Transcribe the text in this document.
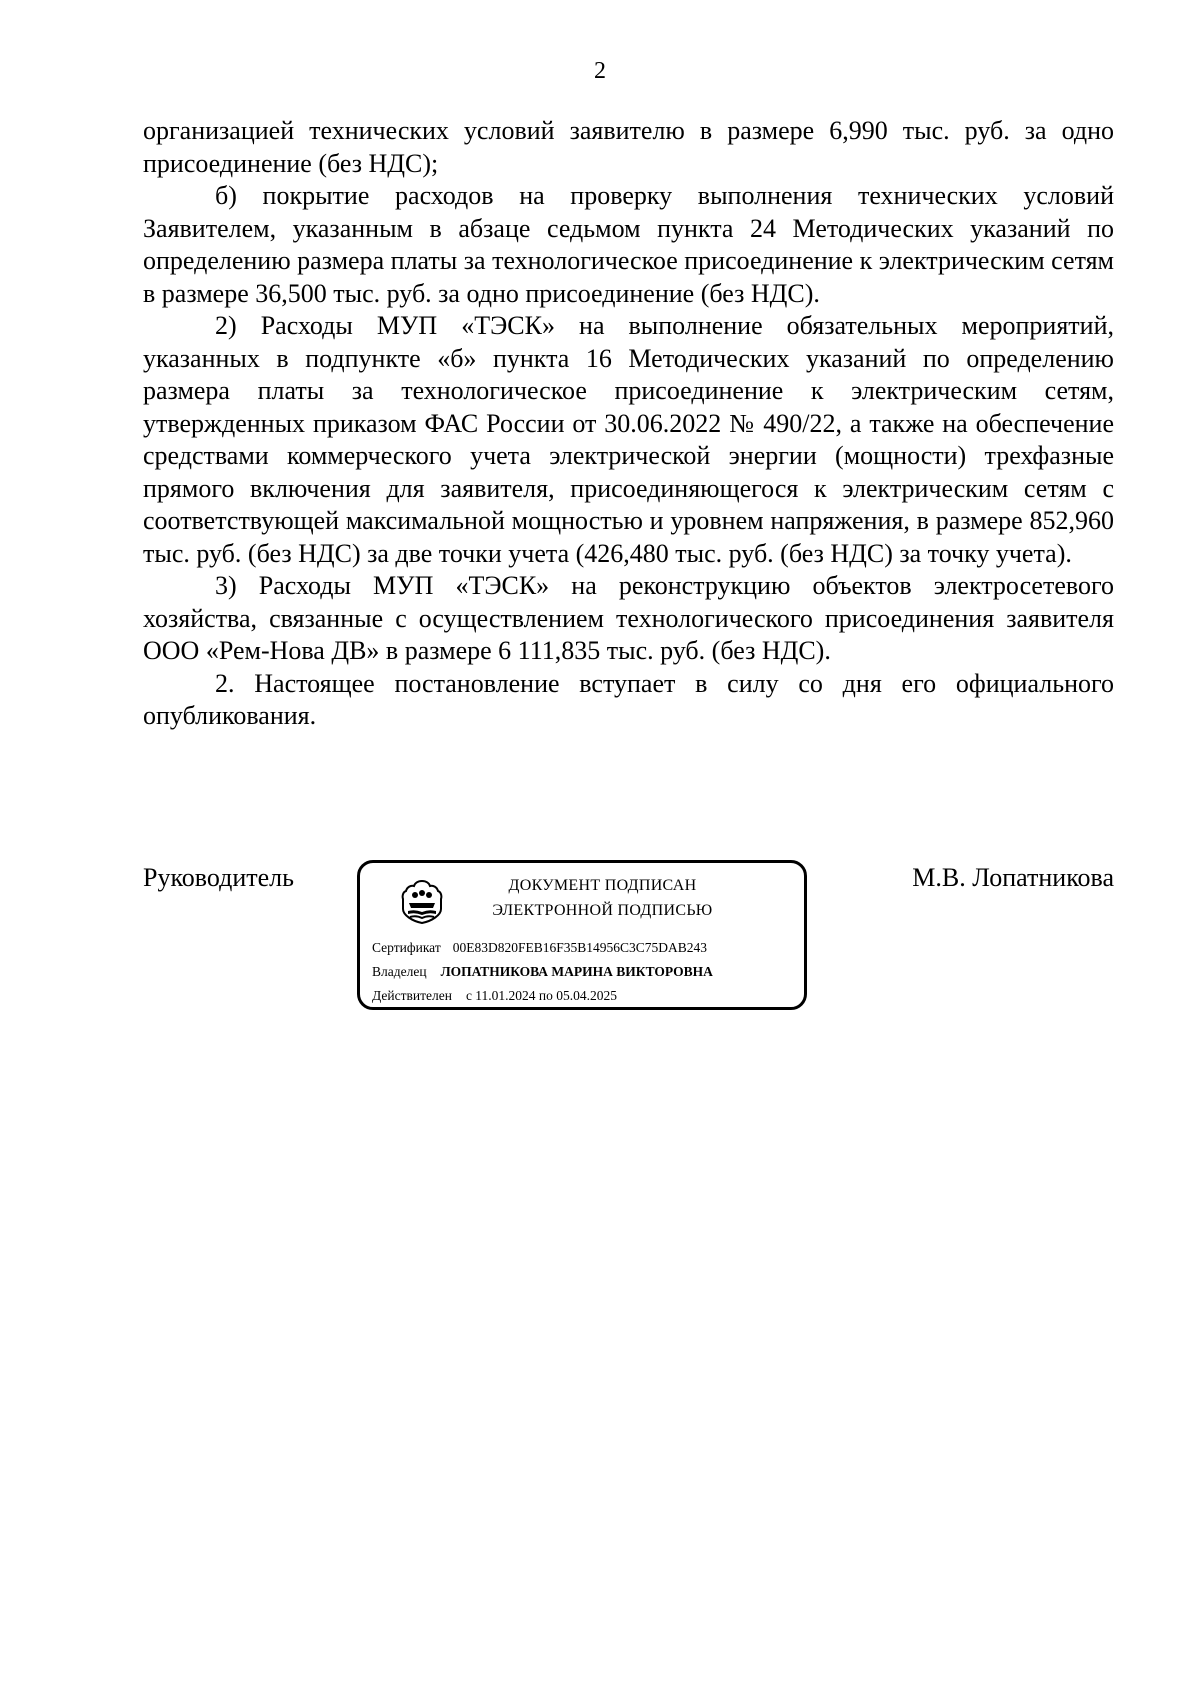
2

организацией технических условий заявителю в размере 6,990 тыс. руб. за одно присоединение (без НДС);

б) покрытие расходов на проверку выполнения технических условий Заявителем, указанным в абзаце седьмом пункта 24 Методических указаний по определению размера платы за технологическое присоединение к электрическим сетям в размере 36,500 тыс. руб. за одно присоединение (без НДС).

2) Расходы МУП «ТЭСК» на выполнение обязательных мероприятий, указанных в подпункте «б» пункта 16 Методических указаний по определению размера платы за технологическое присоединение к электрическим сетям, утвержденных приказом ФАС России от 30.06.2022 № 490/22, а также на обеспечение средствами коммерческого учета электрической энергии (мощности) трехфазные прямого включения для заявителя, присоединяющегося к электрическим сетям с соответствующей максимальной мощностью и уровнем напряжения, в размере 852,960 тыс. руб. (без НДС) за две точки учета (426,480 тыс. руб. (без НДС) за точку учета).

3) Расходы МУП «ТЭСК» на реконструкцию объектов электросетевого хозяйства, связанные с осуществлением технологического присоединения заявителя ООО «Рем-Нова ДВ» в размере 6 111,835 тыс. руб. (без НДС).

2. Настоящее постановление вступает в силу со дня его официального опубликования.

Руководитель	ДОКУМЕНТ ПОДПИСАН
ЭЛЕКТРОННОЙ ПОДПИСЬЮ
Сертификат 00E83D820FEB16F35B14956C3C75DAB243
Владелец ЛОПАТНИКОВА МАРИНА ВИКТОРОВНА
Действителен с 11.01.2024 по 05.04.2025
М.В. Лопатникова
